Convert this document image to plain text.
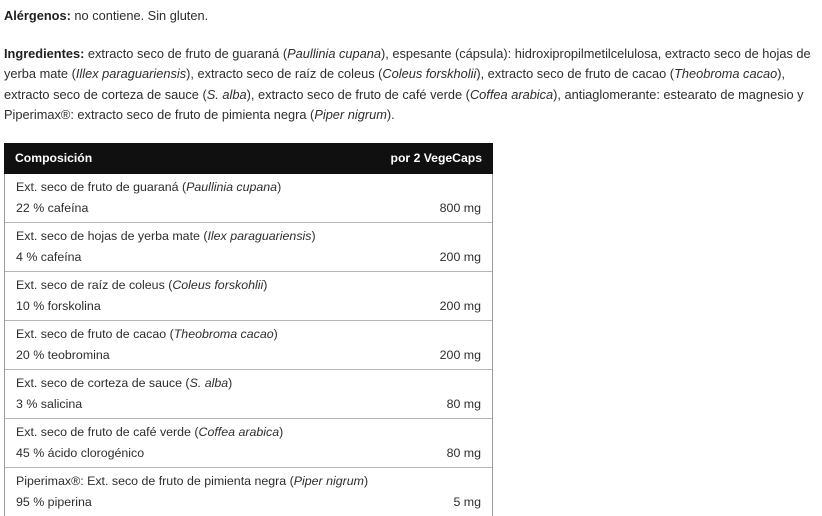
Alérgenos: no contiene. Sin gluten.

Ingredientes: extracto seco de fruto de guaraná (Paullinia cupana), espesante (cápsula): hidroxipropilmetilcelulosa, extracto seco de hojas de yerba mate (Illex paraguariensis), extracto seco de raíz de coleus (Coleus forskholii), extracto seco de fruto de cacao (Theobroma cacao), extracto seco de corteza de sauce (S. alba), extracto seco de fruto de café verde (Coffea arabica), antiaglomerante: estearato de magnesio y Piperimax®: extracto seco de fruto de pimienta negra (Piper nigrum).

Composición	por 2 VegeCaps
Ext. seco de fruto de guaraná (Paullinia cupana)
22 % cafeína	800 mg
Ext. seco de hojas de yerba mate (Ilex paraguariensis)
4 % cafeína	200 mg
Ext. seco de raíz de coleus (Coleus forskohlii)
10 % forskolina	200 mg
Ext. seco de fruto de cacao (Theobroma cacao)
20 % teobromina	200 mg
Ext. seco de corteza de sauce (S. alba)
3 % salicina	80 mg
Ext. seco de fruto de café verde (Coffea arabica)
45 % ácido clorogénico	80 mg
Piperimax®: Ext. seco de fruto de pimienta negra (Piper nigrum)
95 % piperina	5 mg
